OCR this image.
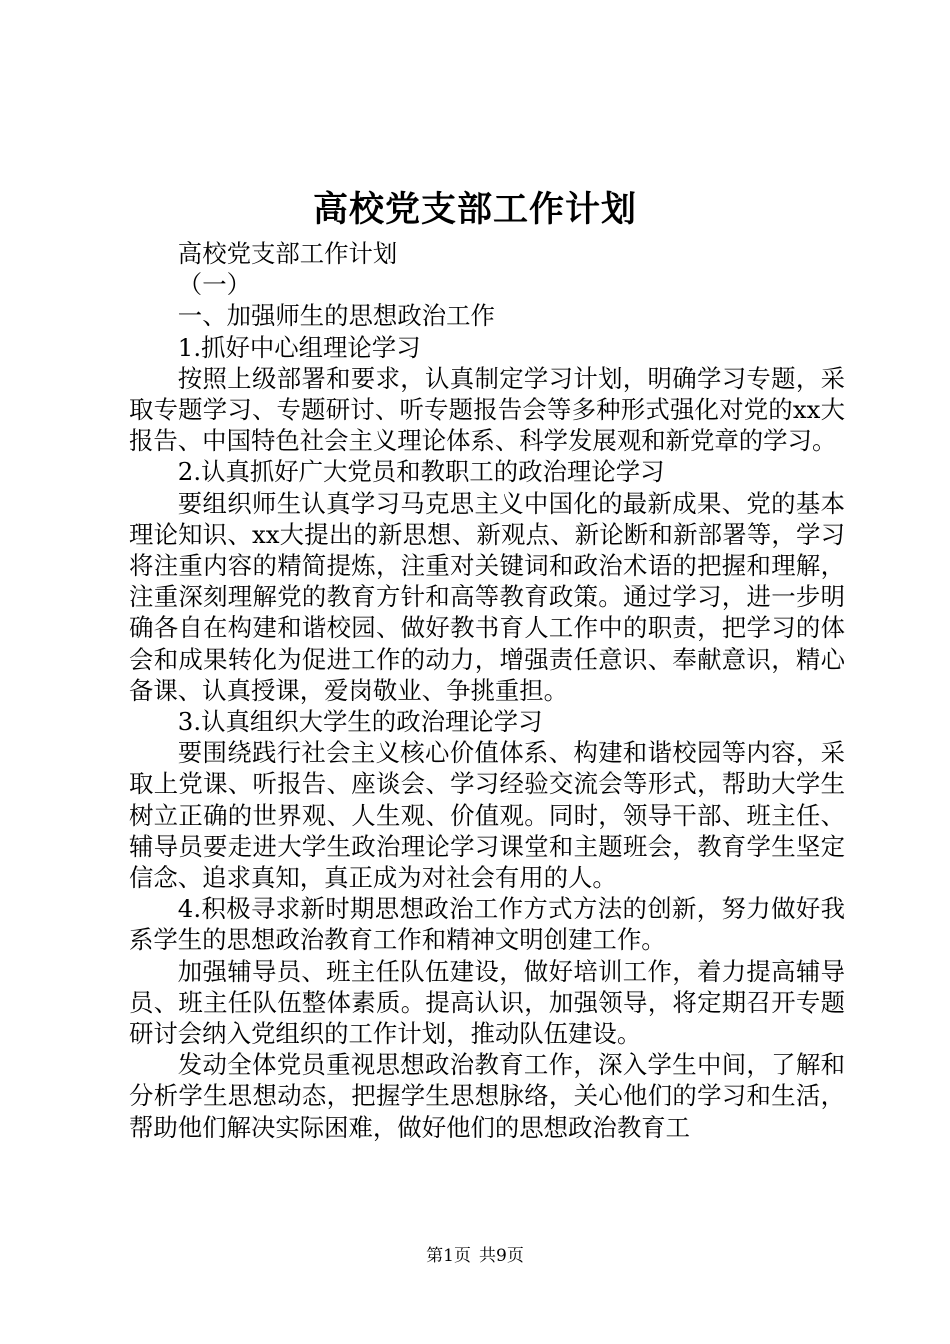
高校党支部工作计划

高校党支部工作计划

（一）

一、加强师生的思想政治工作

1.抓好中心组理论学习

按照上级部署和要求，认真制定学习计划，明确学习专题，采取专题学习、专题研讨、听专题报告会等多种形式强化对党的xx大报告、中国特色社会主义理论体系、科学发展观和新党章的学习。

2.认真抓好广大党员和教职工的政治理论学习

要组织师生认真学习马克思主义中国化的最新成果、党的基本理论知识、xx大提出的新思想、新观点、新论断和新部署等，学习将注重内容的精简提炼，注重对关键词和政治术语的把握和理解，注重深刻理解党的教育方针和高等教育政策。通过学习，进一步明确各自在构建和谐校园、做好教书育人工作中的职责，把学习的体会和成果转化为促进工作的动力，增强责任意识、奉献意识，精心备课、认真授课，爱岗敬业、争挑重担。

3.认真组织大学生的政治理论学习

要围绕践行社会主义核心价值体系、构建和谐校园等内容，采取上党课、听报告、座谈会、学习经验交流会等形式，帮助大学生树立正确的世界观、人生观、价值观。同时，领导干部、班主任、辅导员要走进大学生政治理论学习课堂和主题班会，教育学生坚定信念、追求真知，真正成为对社会有用的人。

4.积极寻求新时期思想政治工作方式方法的创新，努力做好我系学生的思想政治教育工作和精神文明创建工作。

加强辅导员、班主任队伍建设，做好培训工作，着力提高辅导员、班主任队伍整体素质。提高认识，加强领导，将定期召开专题研讨会纳入党组织的工作计划，推动队伍建设。

发动全体党员重视思想政治教育工作，深入学生中间，了解和分析学生思想动态，把握学生思想脉络，关心他们的学习和生活，帮助他们解决实际困难，做好他们的思想政治教育工

第1页 共9页
